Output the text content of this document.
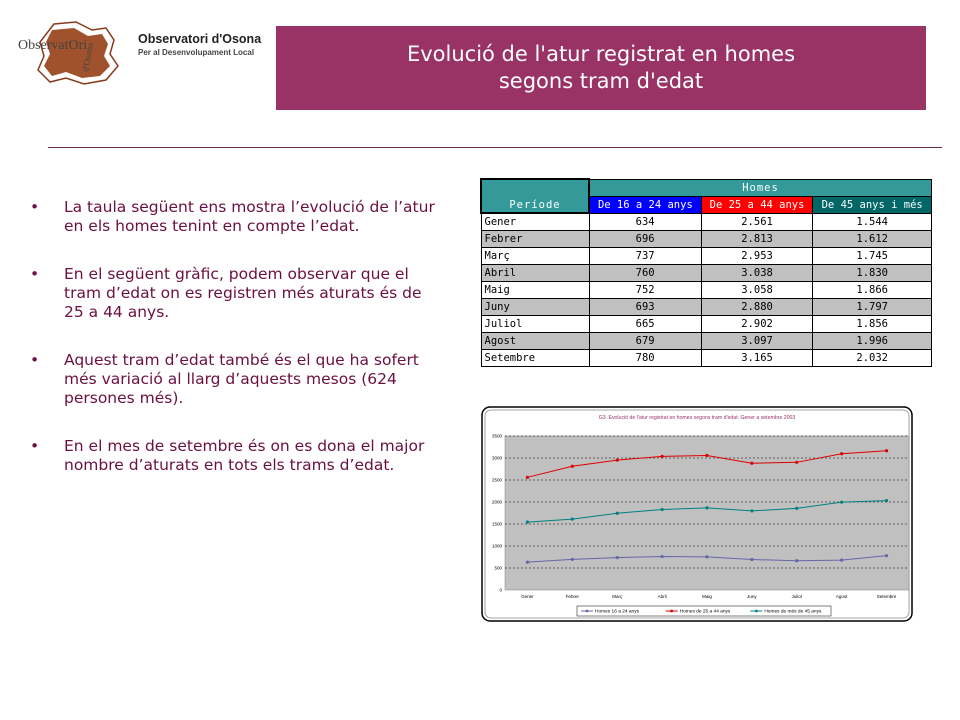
ObservatOri
d'Osona
Observatori d'Osona
Per al Desenvolupament Local	Evolució de l'atur registrat en homes
segons tram d'edat
• La taula següent ens mostra l’evolució de l’atur en els homes tenint en compte l’edat.
• En el següent gràfic, podem observar que el tram d’edat on es registren més aturats és de 25 a 44 anys.
• Aquest tram d’edat també és el que ha sofert més variació al llarg d’aquests mesos (624 persones més).
• En el mes de setembre és on es dona el major nombre d’aturats en tots els trams d’edat.
Període	Homes		
	De 16 a 24 anys	De 25 a 44 anys	De 45 anys i més
Gener	634	2.561	1.544
Febrer	696	2.813	1.612
Març	737	2.953	1.745
Abril	760	3.038	1.830
Maig	752	3.058	1.866
Juny	693	2.880	1.797
Juliol	665	2.902	1.856
Agost	679	3.097	1.996
Setembre	780	3.165	2.032
G3. Evolució de l'atur registrat en homes segons tram d'edat. Gener a setembre 2003
0
500
1000
1500
2000
2500
3000
3500
Gener	Febrer	Març	Abril	Maig	Juny	Juliol	Agost	Setembre
Homes 16 a 24 anys	Homes de 25 a 44 anys	Homes de més de 45 anys
